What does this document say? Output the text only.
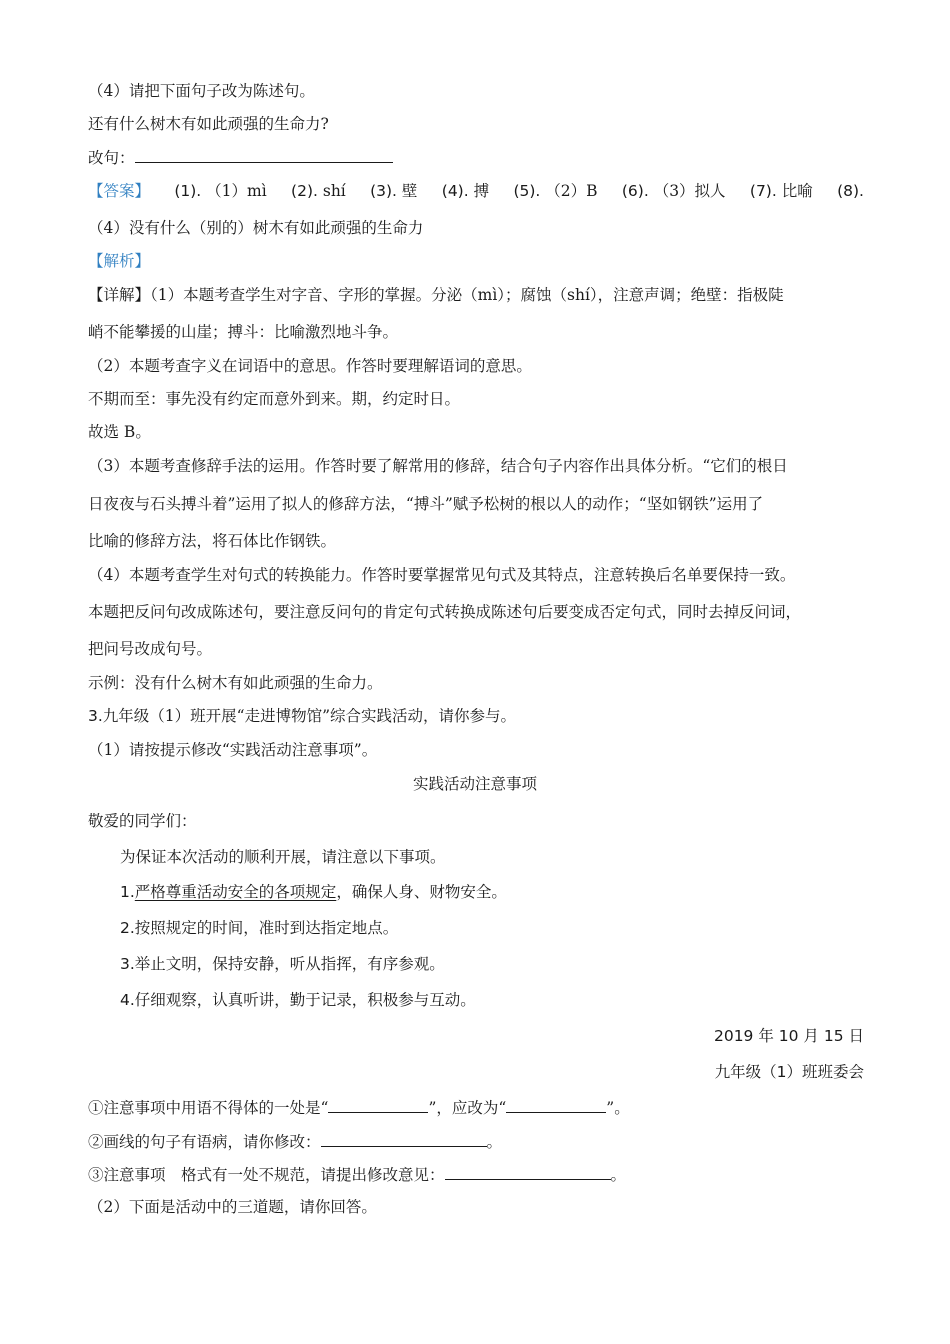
（4）请把下面句子改为陈述句。
还有什么树木有如此顽强的生命力?
改句：
【答案】 (1). （1）mì (2). shí (3). 壁 (4). 搏 (5). （2）B (6). （3）拟人 (7). 比喻 (8).
（4）没有什么（别的）树木有如此顽强的生命力
【解析】
【详解】（1）本题考查学生对字音、字形的掌握。分泌（mì）；腐蚀（shí），注意声调；绝壁：指极陡
峭不能攀援的山崖；搏斗：比喻激烈地斗争。
（2）本题考查字义在词语中的意思。作答时要理解语词的意思。
不期而至：事先没有约定而意外到来。期，约定时日。
故选 B。
（3）本题考查修辞手法的运用。作答时要了解常用的修辞，结合句子内容作出具体分析。“它们的根日
日夜夜与石头搏斗着”运用了拟人的修辞方法，“搏斗”赋予松树的根以人的动作；“坚如钢铁”运用了
比喻的修辞方法，将石体比作钢铁。
（4）本题考查学生对句式的转换能力。作答时要掌握常见句式及其特点，注意转换后名单要保持一致。
本题把反问句改成陈述句，要注意反问句的肯定句式转换成陈述句后要变成否定句式，同时去掉反问词，
把问号改成句号。
示例：没有什么树木有如此顽强的生命力。
3.九年级（1）班开展“走进博物馆”综合实践活动，请你参与。
（1）请按提示修改“实践活动注意事项”。
实践活动注意事项
敬爱的同学们：
为保证本次活动的顺利开展，请注意以下事项。
1.严格尊重活动安全的各项规定，确保人身、财物安全。
2.按照规定的时间，准时到达指定地点。
3.举止文明，保持安静，听从指挥，有序参观。
4.仔细观察，认真听讲，勤于记录，积极参与互动。
2019 年 10 月 15 日
九年级（1）班班委会
①注意事项中用语不得体的一处是“	”，应改为“	”。
②画线的句子有语病，请你修改：	。
③注意事项　格式有一处不规范，请提出修改意见：	。
（2）下面是活动中的三道题，请你回答。
